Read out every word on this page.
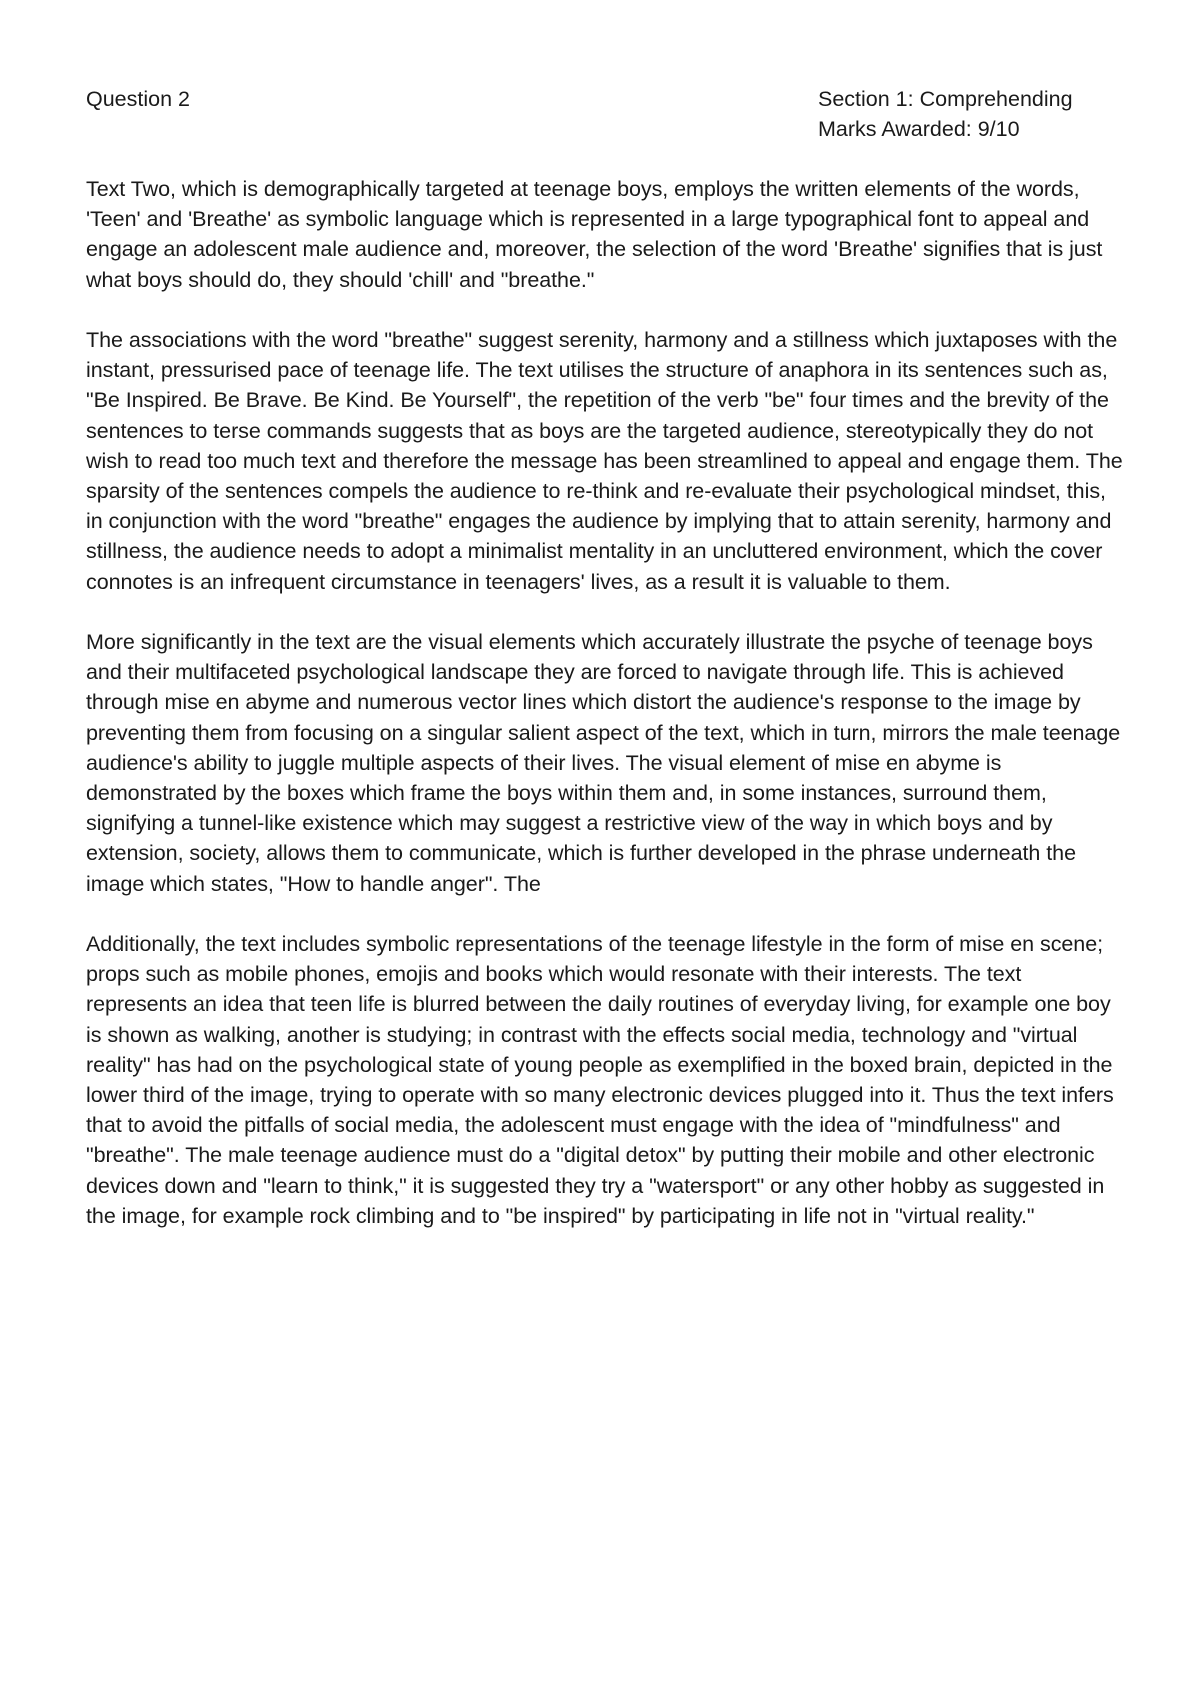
Question 2	Section 1: Comprehending
Marks Awarded: 9/10

Text Two, which is demographically targeted at teenage boys, employs the written elements of the words, 'Teen' and 'Breathe' as symbolic language which is represented in a large typographical font to appeal and engage an adolescent male audience and, moreover, the selection of the word 'Breathe' signifies that is just what boys should do, they should 'chill' and "breathe."

The associations with the word "breathe" suggest serenity, harmony and a stillness which juxtaposes with the instant, pressurised pace of teenage life. The text utilises the structure of anaphora in its sentences such as, "Be Inspired. Be Brave. Be Kind. Be Yourself", the repetition of the verb "be" four times and the brevity of the sentences to terse commands suggests that as boys are the targeted audience, stereotypically they do not wish to read too much text and therefore the message has been streamlined to appeal and engage them. The sparsity of the sentences compels the audience to re-think and re-evaluate their psychological mindset, this, in conjunction with the word "breathe" engages the audience by implying that to attain serenity, harmony and stillness, the audience needs to adopt a minimalist mentality in an uncluttered environment, which the cover connotes is an infrequent circumstance in teenagers' lives, as a result it is valuable to them.

More significantly in the text are the visual elements which accurately illustrate the psyche of teenage boys and their multifaceted psychological landscape they are forced to navigate through life. This is achieved through mise en abyme and numerous vector lines which distort the audience's response to the image by preventing them from focusing on a singular salient aspect of the text, which in turn, mirrors the male teenage audience's ability to juggle multiple aspects of their lives. The visual element of mise en abyme is demonstrated by the boxes which frame the boys within them and, in some instances, surround them, signifying a tunnel-like existence which may suggest a restrictive view of the way in which boys and by extension, society, allows them to communicate, which is further developed in the phrase underneath the image which states, "How to handle anger". The

Additionally, the text includes symbolic representations of the teenage lifestyle in the form of mise en scene; props such as mobile phones, emojis and books which would resonate with their interests. The text represents an idea that teen life is blurred between the daily routines of everyday living, for example one boy is shown as walking, another is studying; in contrast with the effects social media, technology and "virtual reality" has had on the psychological state of young people as exemplified in the boxed brain, depicted in the lower third of the image, trying to operate with so many electronic devices plugged into it. Thus the text infers that to avoid the pitfalls of social media, the adolescent must engage with the idea of "mindfulness" and "breathe". The male teenage audience must do a "digital detox" by putting their mobile and other electronic devices down and "learn to think," it is suggested they try a "watersport" or any other hobby as suggested in the image, for example rock climbing and to "be inspired" by participating in life not in "virtual reality."
